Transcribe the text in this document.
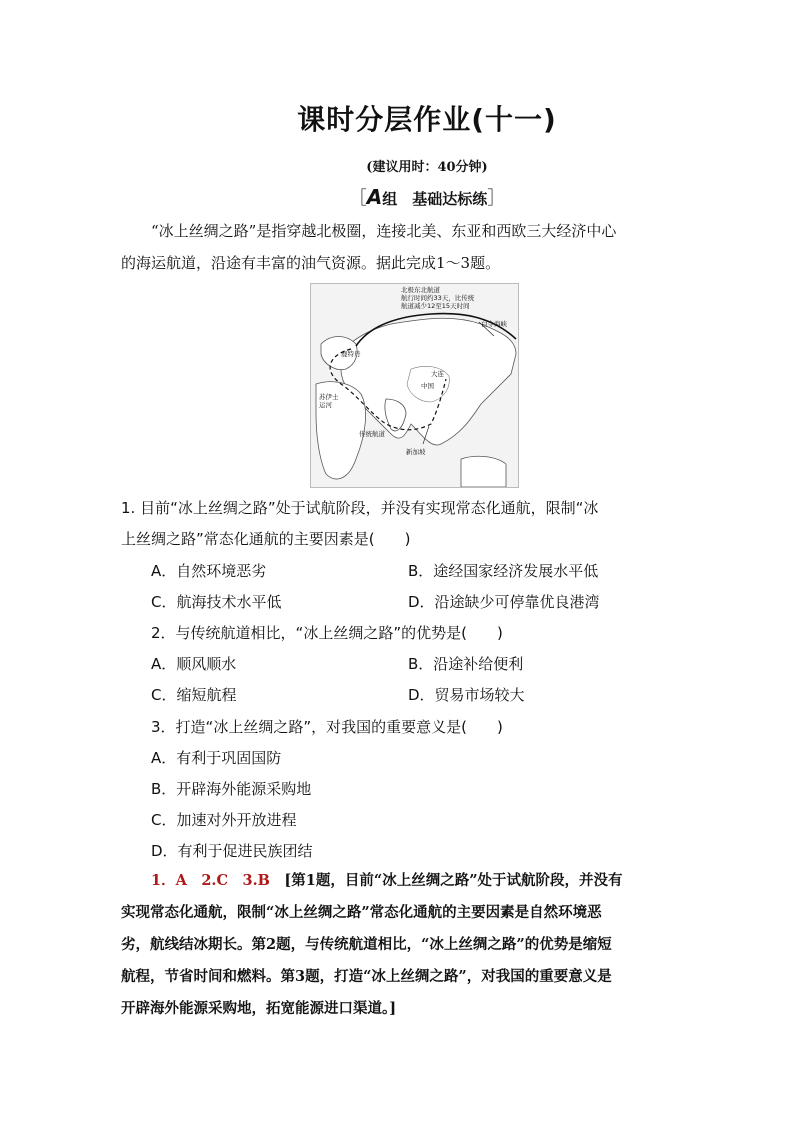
课时分层作业(十一)
(建议用时：40分钟)
［A组　基础达标练］
“冰上丝绸之路”是指穿越北极圈，连接北美、东亚和西欧三大经济中心
的海运航道，沿途有丰富的油气资源。据此完成1～3题。
北极东北航道
航行时间约33天，比传统
航道减少12至15天时间
白令海峡
鹿特丹
大连
中国
苏伊士
运河
传统航道
新加坡
1. 目前“冰上丝绸之路”处于试航阶段，并没有实现常态化通航，限制“冰
上丝绸之路”常态化通航的主要因素是(　　)
A．自然环境恶劣	B．途经国家经济发展水平低
C．航海技术水平低	D．沿途缺少可停靠优良港湾
2．与传统航道相比，“冰上丝绸之路”的优势是(　　)
A．顺风顺水	B．沿途补给便利
C．缩短航程	D．贸易市场较大
3．打造“冰上丝绸之路”，对我国的重要意义是(　　)
A．有利于巩固国防
B．开辟海外能源采购地
C．加速对外开放进程
D．有利于促进民族团结
1．A　2.C　3.B　[第1题，目前“冰上丝绸之路”处于试航阶段，并没有
实现常态化通航，限制“冰上丝绸之路”常态化通航的主要因素是自然环境恶
劣，航线结冰期长。第2题，与传统航道相比，“冰上丝绸之路”的优势是缩短
航程，节省时间和燃料。第3题，打造“冰上丝绸之路”，对我国的重要意义是
开辟海外能源采购地，拓宽能源进口渠道。]
